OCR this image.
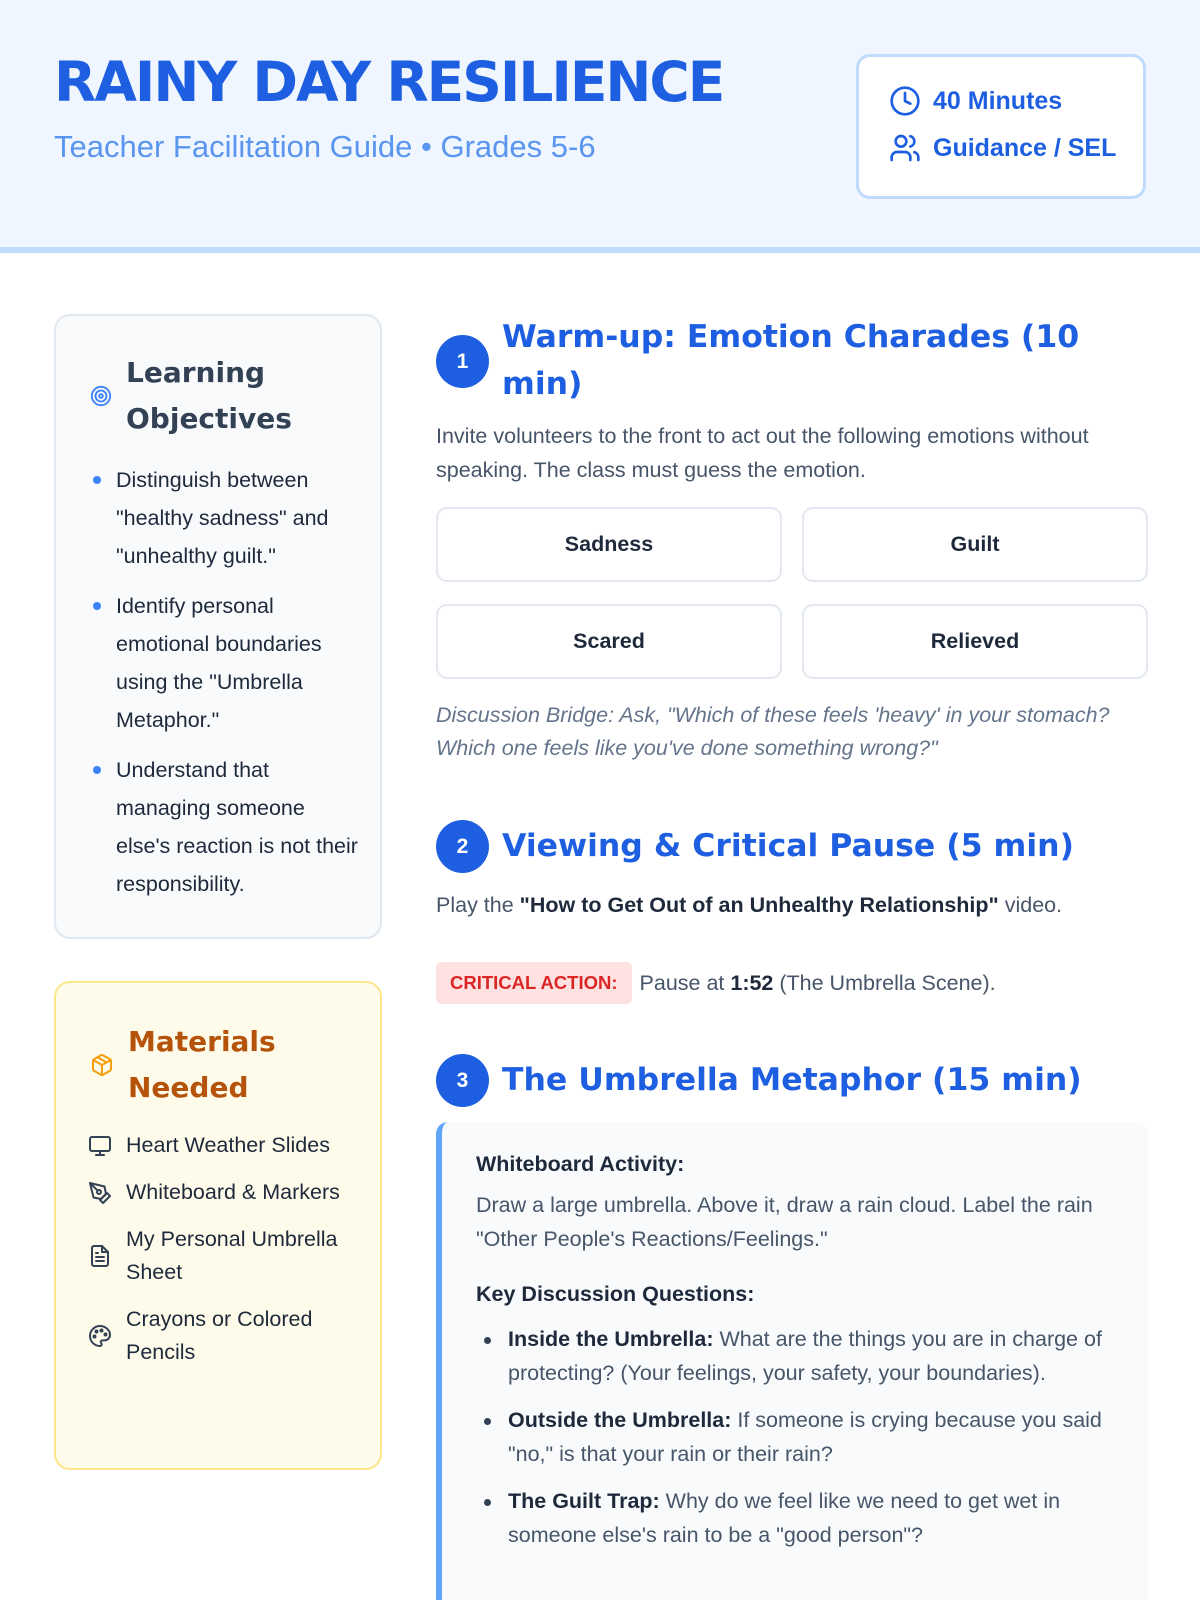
RAINY DAY RESILIENCE
Teacher Facilitation Guide • Grades 5-6
40 Minutes
Guidance / SEL
Learning Objectives
Distinguish between "healthy sadness" and "unhealthy guilt."
Identify personal emotional boundaries using the "Umbrella Metaphor."
Understand that managing someone else's reaction is not their responsibility.
Materials Needed
Heart Weather Slides
Whiteboard & Markers
My Personal Umbrella Sheet
Crayons or Colored Pencils
1
Warm-up: Emotion Charades (10 min)
Invite volunteers to the front to act out the following emotions without speaking. The class must guess the emotion.
Sadness	Guilt
Scared	Relieved
Discussion Bridge: Ask, "Which of these feels 'heavy' in your stomach? Which one feels like you've done something wrong?"
2	Viewing & Critical Pause (5 min)
Play the "How to Get Out of an Unhealthy Relationship" video.
CRITICAL ACTION:	Pause at 1:52 (The Umbrella Scene).
3	The Umbrella Metaphor (15 min)
Whiteboard Activity:
Draw a large umbrella. Above it, draw a rain cloud. Label the rain "Other People's Reactions/Feelings."
Key Discussion Questions:
Inside the Umbrella: What are the things you are in charge of protecting? (Your feelings, your safety, your boundaries).
Outside the Umbrella: If someone is crying because you said "no," is that your rain or their rain?
The Guilt Trap: Why do we feel like we need to get wet in someone else's rain to be a "good person"?
